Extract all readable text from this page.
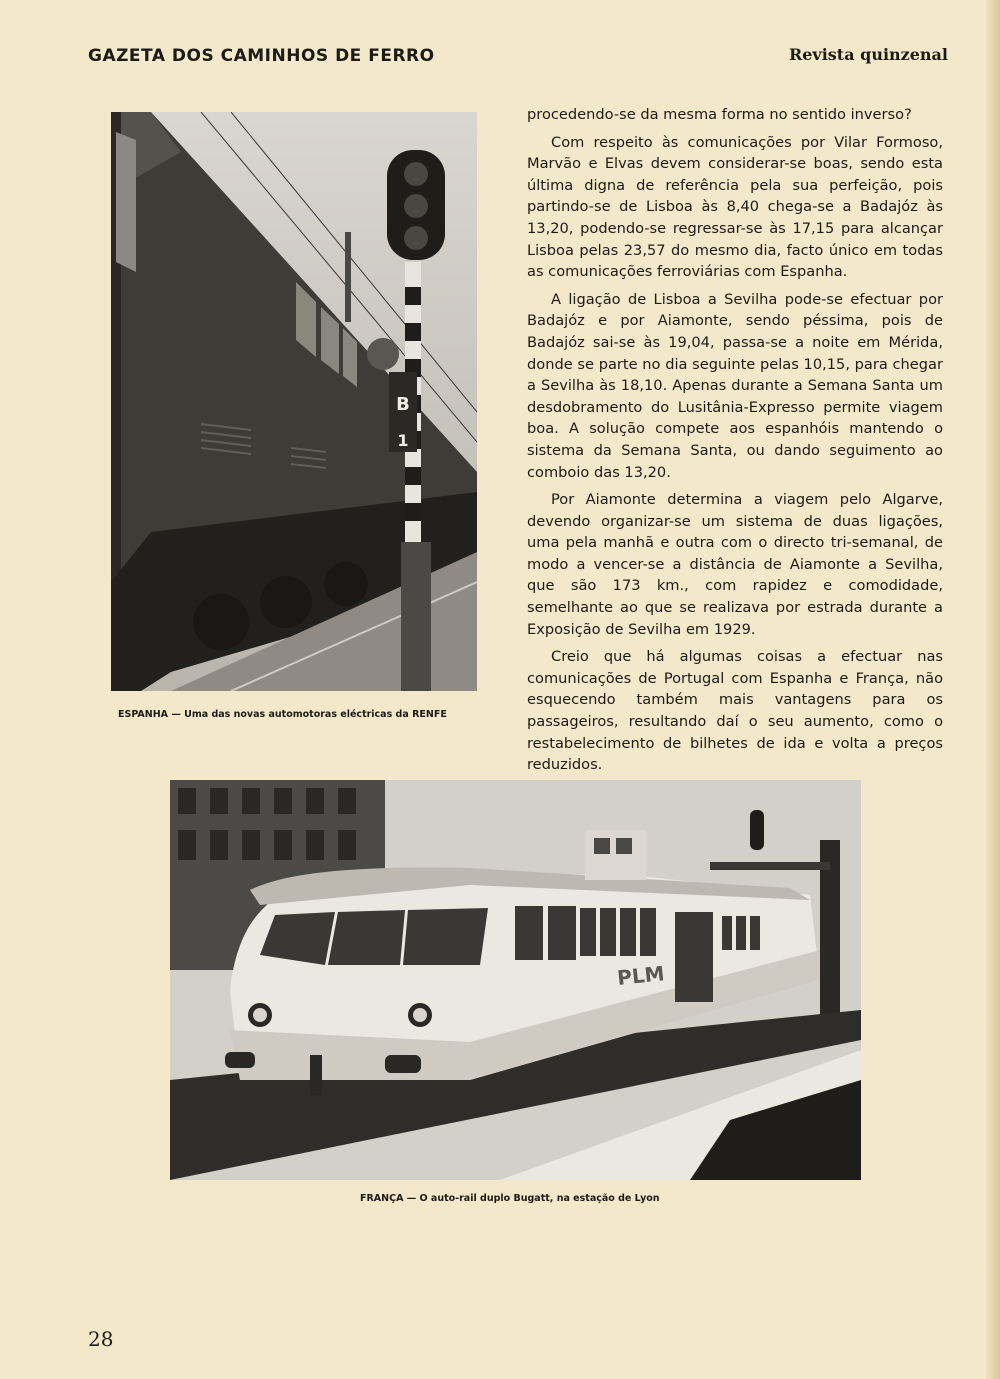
GAZETA DOS CAMINHOS DE FERRO	Revista quinzenal
B
1
ESPANHA — Uma das novas automotoras eléctricas da RENFE

procedendo-se da mesma forma no sentido inverso?

Com respeito às comunicações por Vilar Formoso, Marvão e Elvas devem considerar-se boas, sendo esta última digna de referência pela sua perfeição, pois partindo-se de Lisboa às 8,40 chega-se a Badajóz às 13,20, podendo-se regressar-se às 17,15 para alcançar Lisboa pelas 23,57 do mesmo dia, facto único em todas as comunicações ferroviárias com Espanha.

A ligação de Lisboa a Sevilha pode-se efectuar por Badajóz e por Aiamonte, sendo péssima, pois de Badajóz sai-se às 19,04, passa-se a noite em Mérida, donde se parte no dia seguinte pelas 10,15, para chegar a Sevilha às 18,10. Apenas durante a Semana Santa um desdobramento do Lusitânia-Expresso permite viagem boa. A solução compete aos espanhóis mantendo o sistema da Semana Santa, ou dando seguimento ao comboio das 13,20.

Por Aiamonte determina a viagem pelo Algarve, devendo organizar-se um sistema de duas ligações, uma pela manhã e outra com o directo tri-semanal, de modo a vencer-se a distância de Aiamonte a Sevilha, que são 173 km., com rapidez e comodidade, semelhante ao que se realizava por estrada durante a Exposição de Sevilha em 1929.

Creio que há algumas coisas a efectuar nas comunicações de Portugal com Espanha e França, não esquecendo também mais vantagens para os passageiros, resultando daí o seu aumento, como o restabelecimento de bilhetes de ida e volta a preços reduzidos.

PLM
FRANÇA — O auto-rail duplo Bugatt, na estação de Lyon
28
